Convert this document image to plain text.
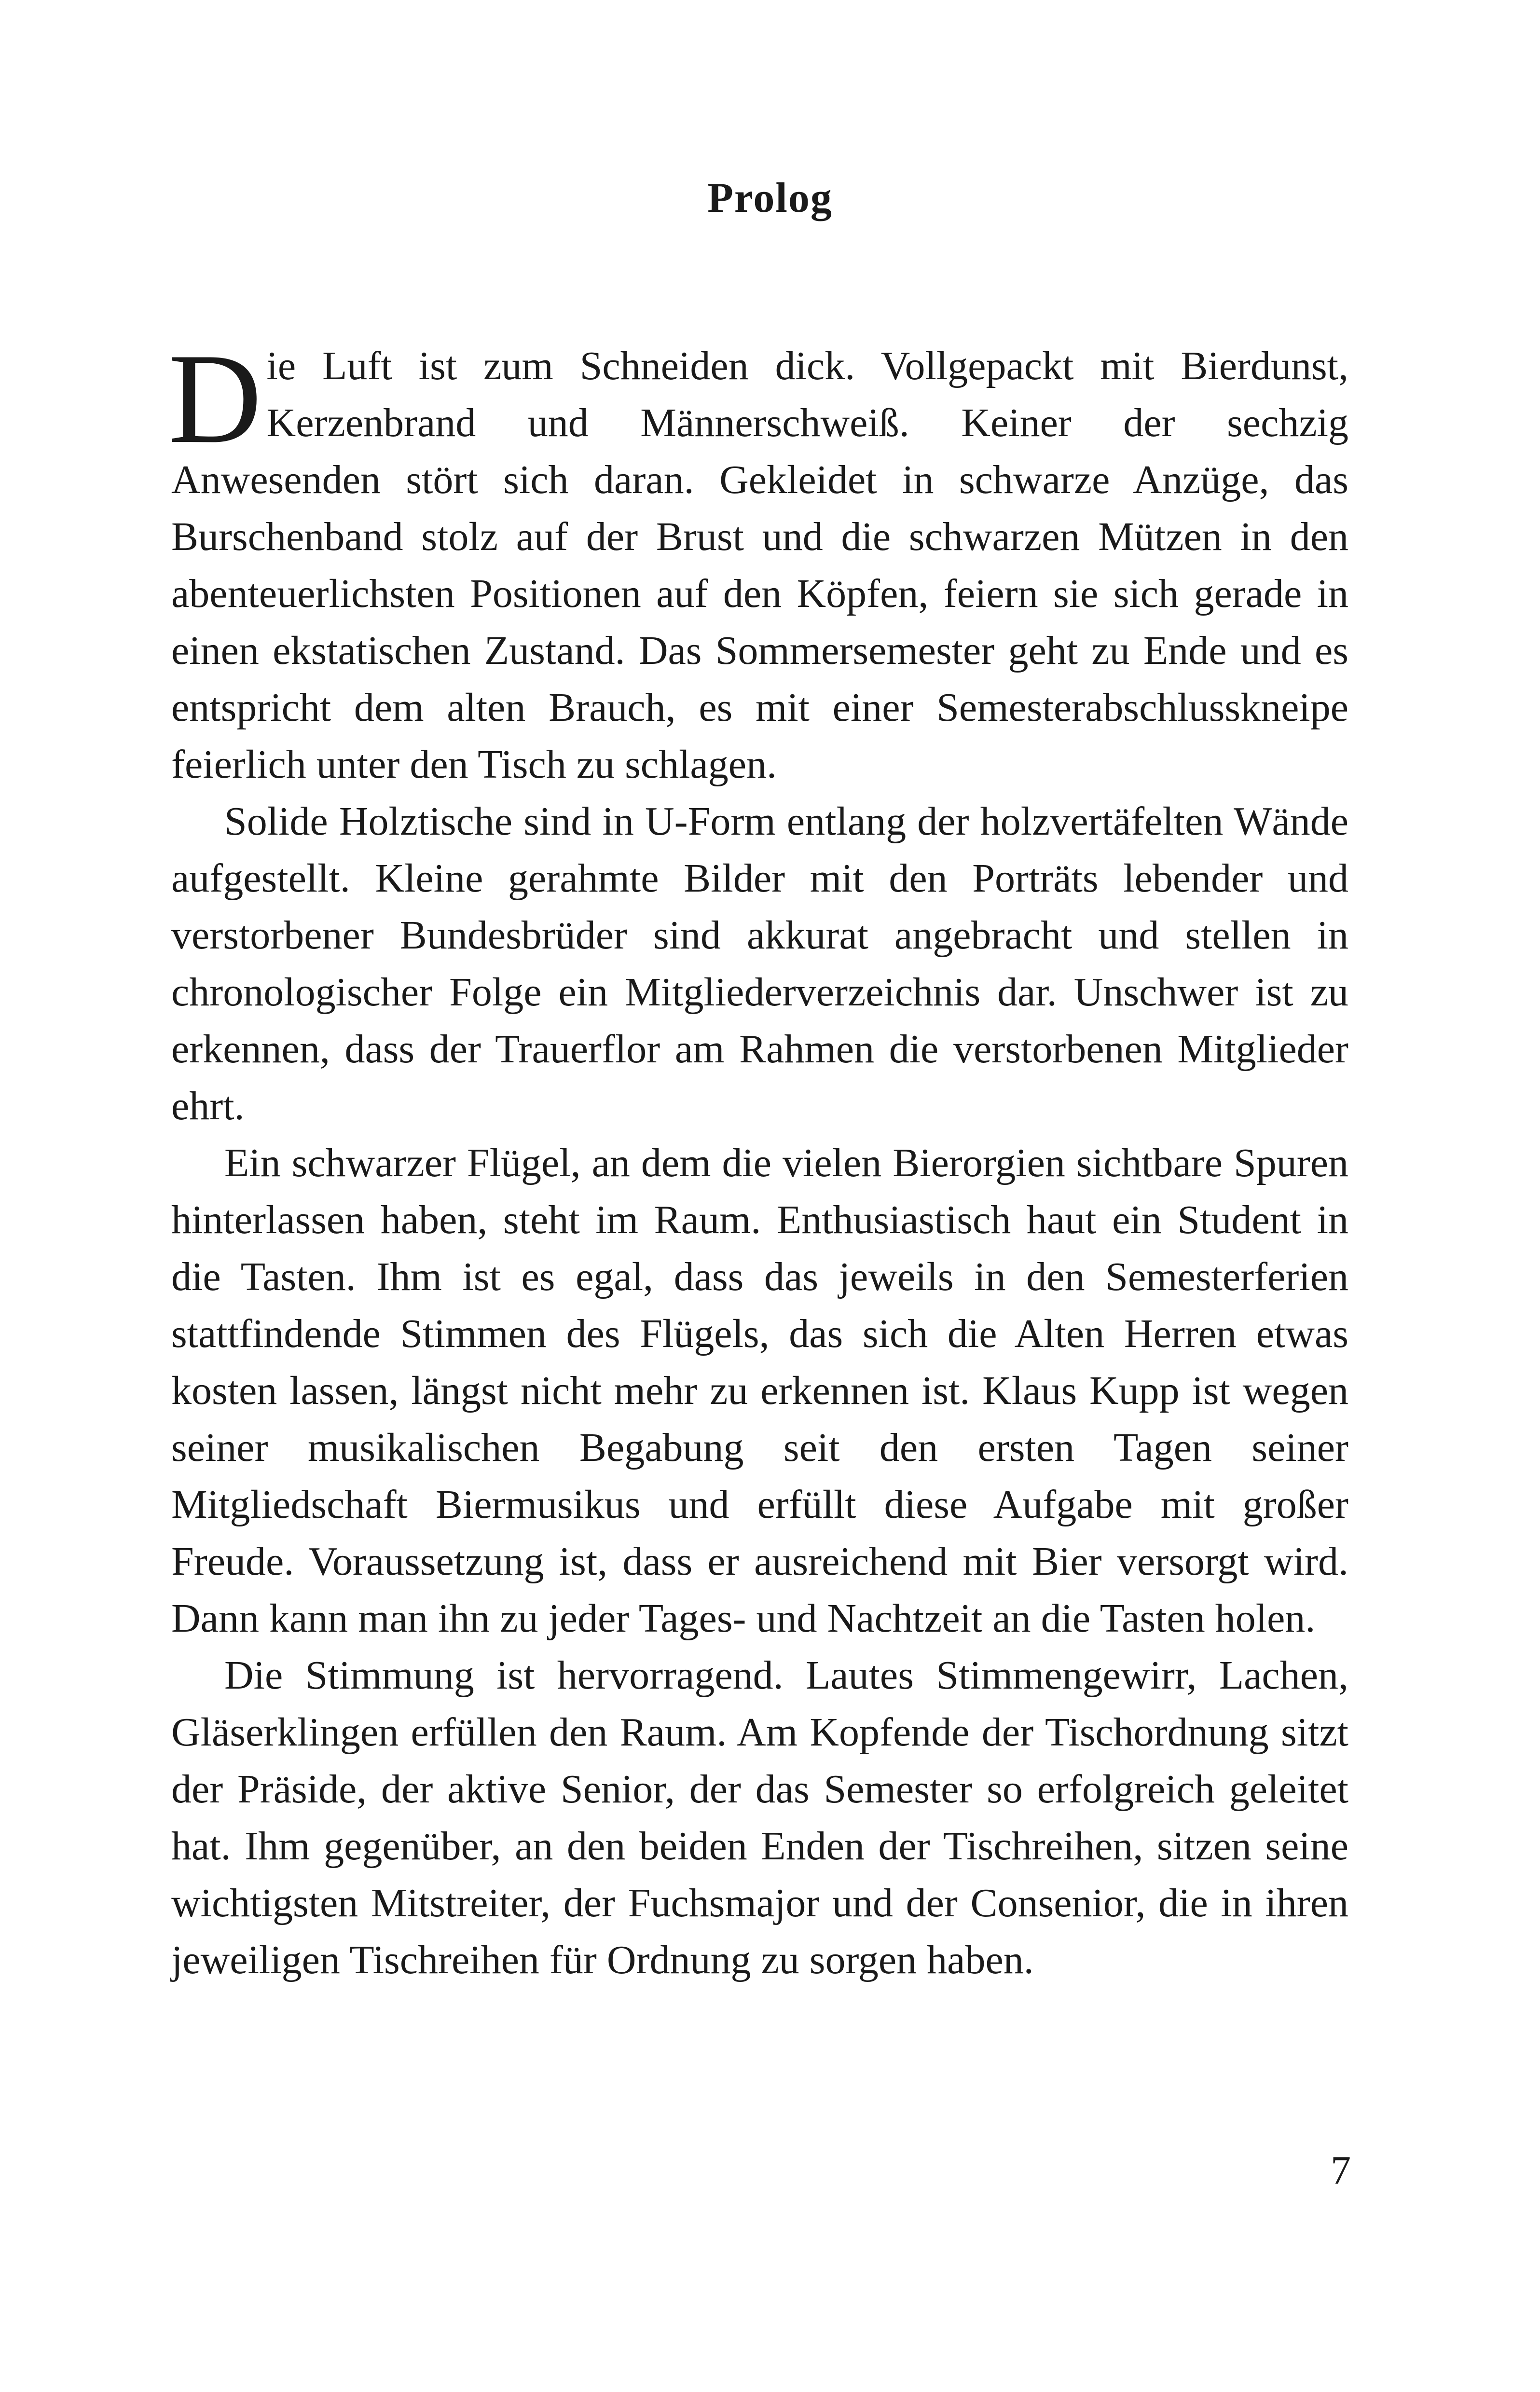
Prolog

Die Luft ist zum Schneiden dick. Vollgepackt mit Bierdunst, Kerzenbrand und Männerschweiß. Keiner der sechzig Anwesenden stört sich daran. Gekleidet in schwarze Anzüge, das Burschenband stolz auf der Brust und die schwarzen Mützen in den abenteuerlichsten Positionen auf den Köpfen, feiern sie sich gerade in einen ekstatischen Zustand. Das Sommersemester geht zu Ende und es entspricht dem alten Brauch, es mit einer Semesterabschlusskneipe feierlich unter den Tisch zu schlagen.

Solide Holztische sind in U-Form entlang der holzvertäfelten Wände aufgestellt. Kleine gerahmte Bilder mit den Porträts lebender und verstorbener Bundesbrüder sind akkurat angebracht und stellen in chronologischer Folge ein Mitgliederverzeichnis dar. Unschwer ist zu erkennen, dass der Trauerflor am Rahmen die verstorbenen Mitglieder ehrt.

Ein schwarzer Flügel, an dem die vielen Bierorgien sichtbare Spuren hinterlassen haben, steht im Raum. Enthusiastisch haut ein Student in die Tasten. Ihm ist es egal, dass das jeweils in den Semesterferien stattfindende Stimmen des Flügels, das sich die Alten Herren etwas kosten lassen, längst nicht mehr zu erkennen ist. Klaus Kupp ist wegen seiner musikalischen Begabung seit den ersten Tagen seiner Mitgliedschaft Biermusikus und erfüllt diese Aufgabe mit großer Freude. Voraussetzung ist, dass er ausreichend mit Bier versorgt wird. Dann kann man ihn zu jeder Tages- und Nachtzeit an die Tasten holen.

Die Stimmung ist hervorragend. Lautes Stimmengewirr, Lachen, Gläserklingen erfüllen den Raum. Am Kopfende der Tischordnung sitzt der Präside, der aktive Senior, der das Semester so erfolgreich geleitet hat. Ihm gegenüber, an den beiden Enden der Tischreihen, sitzen seine wichtigsten Mitstreiter, der Fuchsmajor und der Consenior, die in ihren jeweiligen Tischreihen für Ordnung zu sorgen haben.

7
